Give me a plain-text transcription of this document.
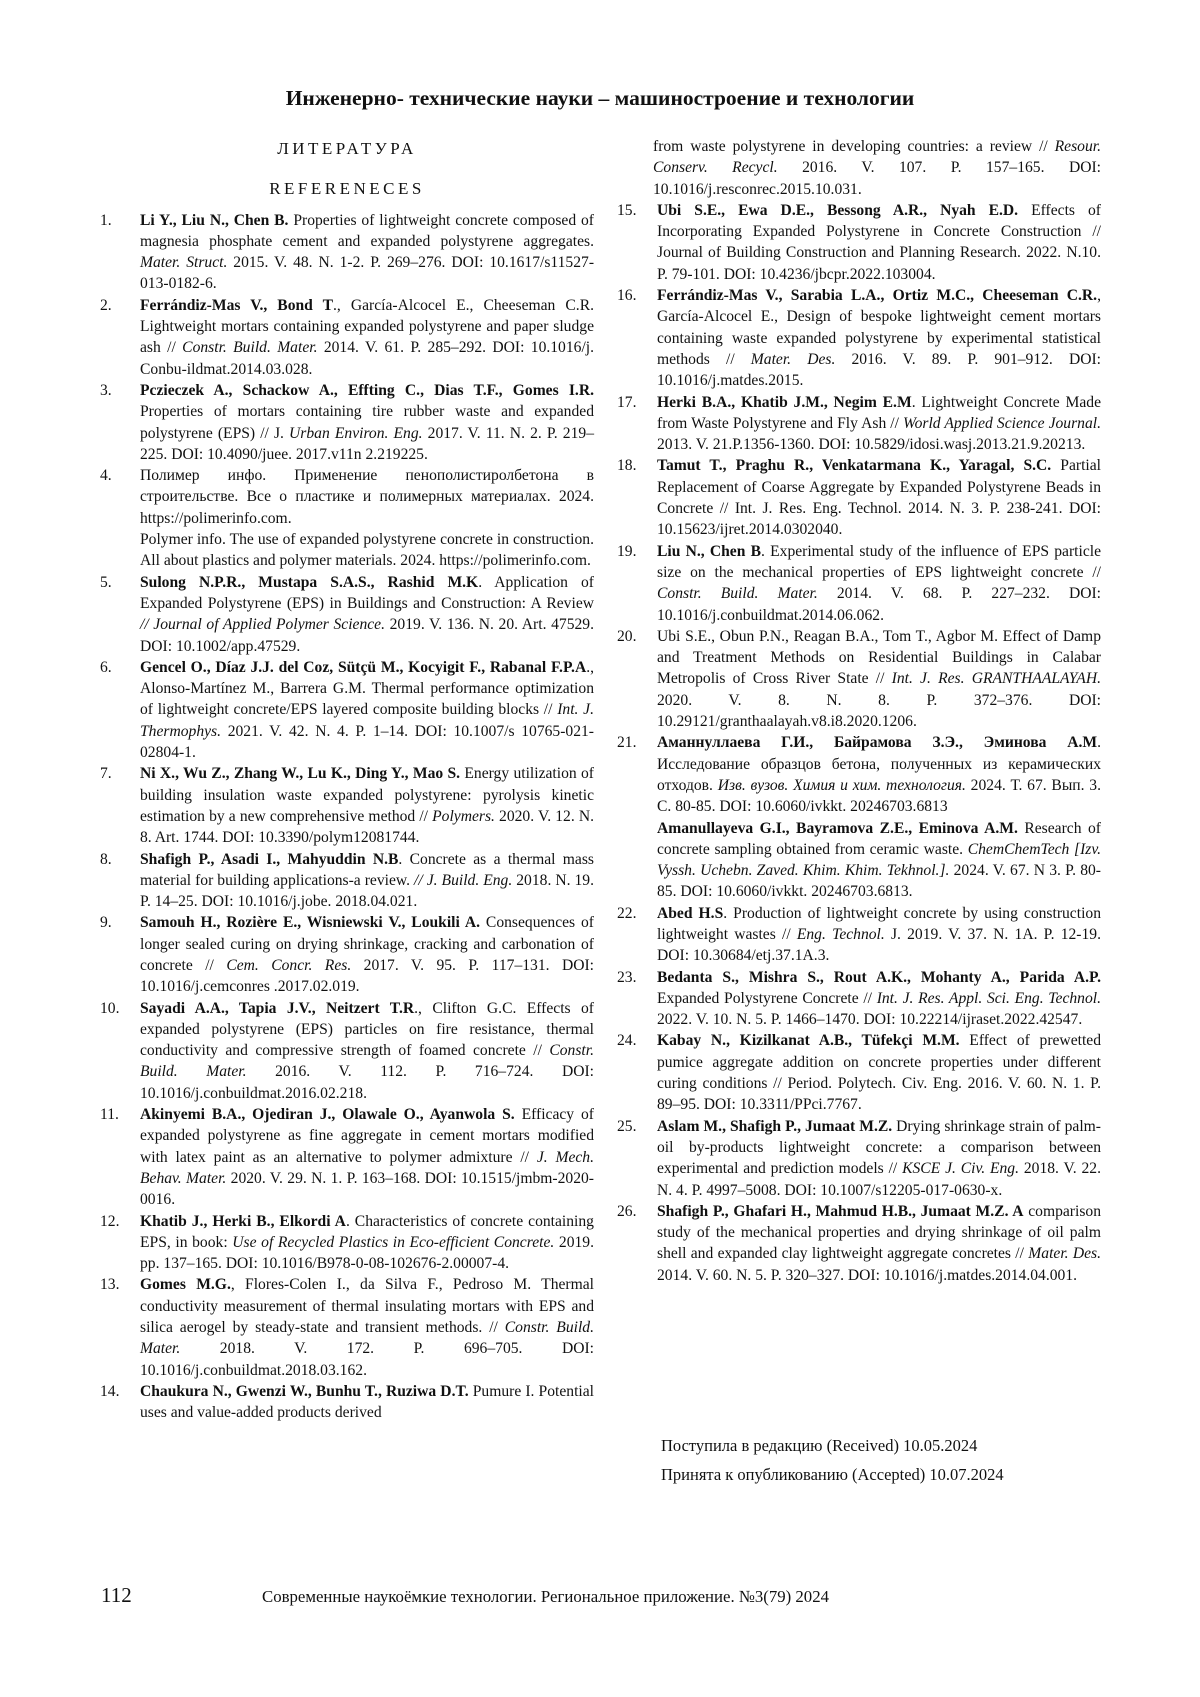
Инженерно- технические науки – машиностроение и технологии
ЛИТЕРАТУРА
REFERENECES
1. Li Y., Liu N., Chen B. Properties of lightweight concrete composed of magnesia phosphate cement and expanded polystyrene aggregates. Mater. Struct. 2015. V. 48. N. 1-2. P. 269–276. DOI: 10.1617/s11527-013-0182-6.
2. Ferrándiz-Mas V., Bond T., García-Alcocel E., Cheeseman C.R. Lightweight mortars containing expanded polystyrene and paper sludge ash // Constr. Build. Mater. 2014. V. 61. P. 285–292. DOI: 10.1016/j. Conbu-ildmat.2014.03.028.
3. Pczieczek A., Schackow A., Effting C., Dias T.F., Gomes I.R. Properties of mortars containing tire rubber waste and expanded polystyrene (EPS) // J. Urban Environ. Eng. 2017. V. 11. N. 2. P. 219–225. DOI: 10.4090/juee. 2017.v11n 2.219225.
4. Полимер инфо. Применение пенополистиролбетона в строительстве. Все о пластике и полимерных материалах. 2024. https://polimerinfo.com.
Polymer info. The use of expanded polystyrene concrete in construction. All about plastics and polymer materials. 2024. https://polimerinfo.com.
5. Sulong N.P.R., Mustapa S.A.S., Rashid M.K. Application of Expanded Polystyrene (EPS) in Buildings and Construction: A Review // Journal of Applied Polymer Science. 2019. V. 136. N. 20. Art. 47529. DOI: 10.1002/app.47529.
6. Gencel O., Díaz J.J. del Coz, Sütçü M., Kocyigit F., Rabanal F.P.A., Alonso-Martínez M., Barrera G.M. Thermal performance optimization of lightweight concrete/EPS layered composite building blocks // Int. J. Thermophys. 2021. V. 42. N. 4. P. 1–14. DOI: 10.1007/s 10765-021-02804-1.
7. Ni X., Wu Z., Zhang W., Lu K., Ding Y., Mao S. Energy utilization of building insulation waste expanded polystyrene: pyrolysis kinetic estimation by a new comprehensive method // Polymers. 2020. V. 12. N. 8. Art. 1744. DOI: 10.3390/polym12081744.
8. Shafigh P., Asadi I., Mahyuddin N.B. Concrete as a thermal mass material for building applications-a review. // J. Build. Eng. 2018. N. 19. P. 14–25. DOI: 10.1016/j.jobe. 2018.04.021.
9. Samouh H., Rozière E., Wisniewski V., Loukili A. Consequences of longer sealed curing on drying shrinkage, cracking and carbonation of concrete // Cem. Concr. Res. 2017. V. 95. P. 117–131. DOI: 10.1016/j.cemconres .2017.02.019.
10. Sayadi A.A., Tapia J.V., Neitzert T.R., Clifton G.C. Effects of expanded polystyrene (EPS) particles on fire resistance, thermal conductivity and compressive strength of foamed concrete // Constr. Build. Mater. 2016. V. 112. P. 716–724. DOI: 10.1016/j.conbuildmat.2016.02.218.
11. Akinyemi B.A., Ojediran J., Olawale O., Ayanwola S. Efficacy of expanded polystyrene as fine aggregate in cement mortars modified with latex paint as an alternative to polymer admixture // J. Mech. Behav. Mater. 2020. V. 29. N. 1. P. 163–168. DOI: 10.1515/jmbm-2020-0016.
12. Khatib J., Herki B., Elkordi A. Characteristics of concrete containing EPS, in book: Use of Recycled Plastics in Eco-efficient Concrete. 2019. pp. 137–165. DOI: 10.1016/B978-0-08-102676-2.00007-4.
13. Gomes M.G., Flores-Colen I., da Silva F., Pedroso M. Thermal conductivity measurement of thermal insulating mortars with EPS and silica aerogel by steady-state and transient methods. // Constr. Build. Mater. 2018. V. 172. P. 696–705. DOI: 10.1016/j.conbuildmat.2018.03.162.
14. Chaukura N., Gwenzi W., Bunhu T., Ruziwa D.T. Pumure I. Potential uses and value-added products derived
from waste polystyrene in developing countries: a review // Resour. Conserv. Recycl. 2016. V. 107. P. 157–165. DOI: 10.1016/j.resconrec.2015.10.031.
15. Ubi S.E., Ewa D.E., Bessong A.R., Nyah E.D. Effects of Incorporating Expanded Polystyrene in Concrete Construction // Journal of Building Construction and Planning Research. 2022. N.10. P. 79-101. DOI: 10.4236/jbcpr.2022.103004.
16. Ferrándiz-Mas V., Sarabia L.A., Ortiz M.C., Cheeseman C.R., García-Alcocel E., Design of bespoke lightweight cement mortars containing waste expanded polystyrene by experimental statistical methods // Mater. Des. 2016. V. 89. P. 901–912. DOI: 10.1016/j.matdes.2015.
17. Herki B.A., Khatib J.M., Negim E.M. Lightweight Concrete Made from Waste Polystyrene and Fly Ash // World Applied Science Journal. 2013. V. 21.P.1356-1360. DOI: 10.5829/idosi.wasj.2013.21.9.20213.
18. Tamut T., Praghu R., Venkatarmana K., Yaragal, S.C. Partial Replacement of Coarse Aggregate by Expanded Polystyrene Beads in Concrete // Int. J. Res. Eng. Technol. 2014. N. 3. P. 238-241. DOI: 10.15623/ijret.2014.0302040.
19. Liu N., Chen B. Experimental study of the influence of EPS particle size on the mechanical properties of EPS lightweight concrete // Constr. Build. Mater. 2014. V. 68. P. 227–232. DOI: 10.1016/j.conbuildmat.2014.06.062.
20. Ubi S.E., Obun P.N., Reagan B.A., Tom T., Agbor M. Effect of Damp and Treatment Methods on Residential Buildings in Calabar Metropolis of Cross River State // Int. J. Res. GRANTHAALAYAH. 2020. V. 8. N. 8. P. 372–376. DOI: 10.29121/granthaalayah.v8.i8.2020.1206.
21. Аманнуллаева Г.И., Байрамова З.Э., Эминова А.М. Исследование образцов бетона, полученных из керамических отходов. Изв. вузов. Химия и хим. технология. 2024. Т. 67. Вып. 3. С. 80-85. DOI: 10.6060/ivkkt. 20246703.6813
Amanullayeva G.I., Bayramova Z.E., Eminova A.M. Research of concrete sampling obtained from ceramic waste. ChemChemTech [Izv. Vyssh. Uchebn. Zaved. Khim. Khim. Tekhnol.]. 2024. V. 67. N 3. P. 80-85. DOI: 10.6060/ivkkt. 20246703.6813.
22. Abed H.S. Production of lightweight concrete by using construction lightweight wastes // Eng. Technol. J. 2019. V. 37. N. 1A. P. 12-19. DOI: 10.30684/etj.37.1A.3.
23. Bedanta S., Mishra S., Rout A.K., Mohanty A., Parida A.P. Expanded Polystyrene Concrete // Int. J. Res. Appl. Sci. Eng. Technol. 2022. V. 10. N. 5. P. 1466–1470. DOI: 10.22214/ijraset.2022.42547.
24. Kabay N., Kizilkanat A.B., Tüfekçi M.M. Effect of prewetted pumice aggregate addition on concrete properties under different curing conditions // Period. Polytech. Civ. Eng. 2016. V. 60. N. 1. P. 89–95. DOI: 10.3311/PPci.7767.
25. Aslam M., Shafigh P., Jumaat M.Z. Drying shrinkage strain of palm-oil by-products lightweight concrete: a comparison between experimental and prediction models // KSCE J. Civ. Eng. 2018. V. 22. N. 4. P. 4997–5008. DOI: 10.1007/s12205-017-0630-x.
26. Shafigh P., Ghafari H., Mahmud H.B., Jumaat M.Z. A comparison study of the mechanical properties and drying shrinkage of oil palm shell and expanded clay lightweight aggregate concretes // Mater. Des. 2014. V. 60. N. 5. P. 320–327. DOI: 10.1016/j.matdes.2014.04.001.
Поступила в редакцию (Received) 10.05.2024
Принята к опубликованию (Accepted) 10.07.2024
112	Современные наукоёмкие технологии. Региональное приложение. №3(79) 2024
